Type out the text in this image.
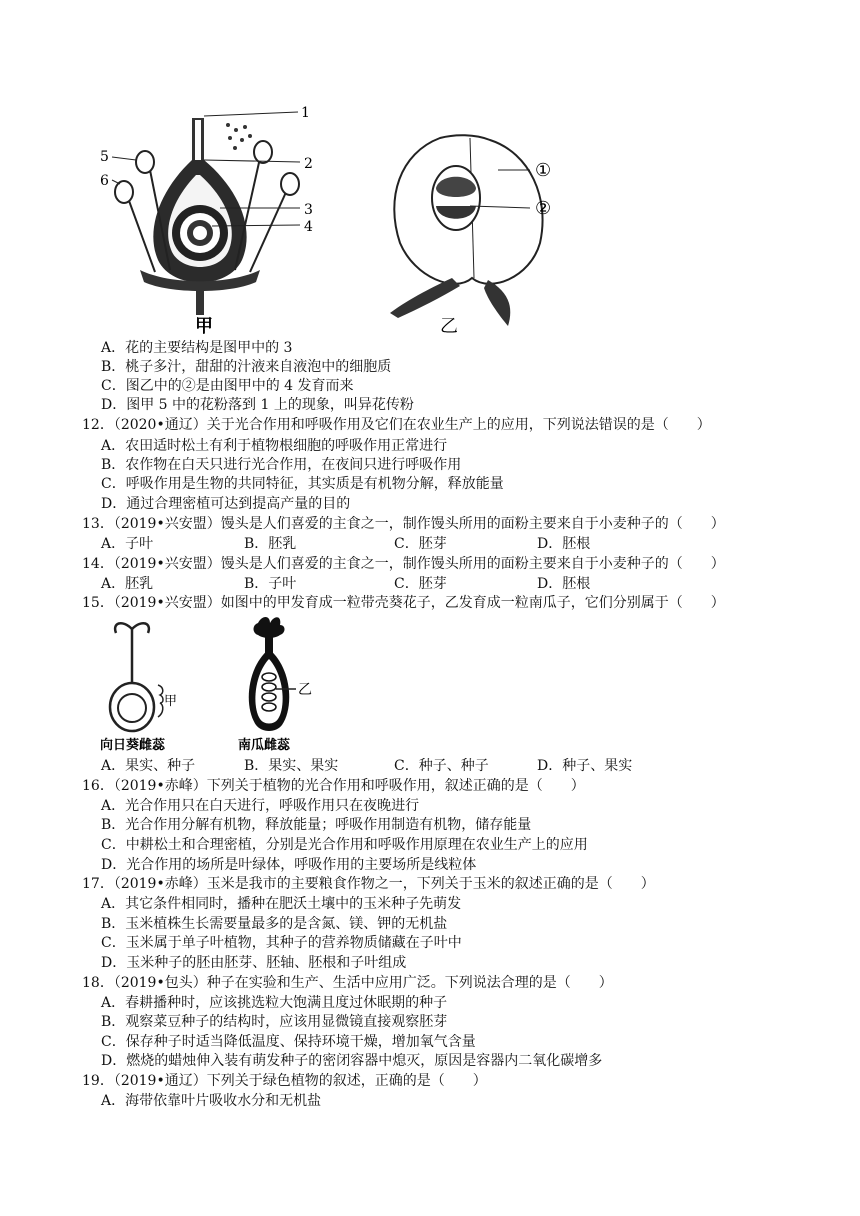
1
2
3
4
5
6
甲
①
②
乙
A．花的主要结构是图甲中的 3
B．桃子多汁，甜甜的汁液来自液泡中的细胞质
C．图乙中的②是由图甲中的 4 发育而来
D．图甲 5 中的花粉落到 1 上的现象，叫异花传粉
12．（2020•通辽）关于光合作用和呼吸作用及它们在农业生产上的应用，下列说法错误的是（　　）
A．农田适时松土有利于植物根细胞的呼吸作用正常进行
B．农作物在白天只进行光合作用，在夜间只进行呼吸作用
C．呼吸作用是生物的共同特征，其实质是有机物分解，释放能量
D．通过合理密植可达到提高产量的目的
13．（2019•兴安盟）馒头是人们喜爱的主食之一，制作馒头所用的面粉主要来自于小麦种子的（　　）
A．子叶	B．胚乳	C．胚芽	D．胚根
14．（2019•兴安盟）馒头是人们喜爱的主食之一，制作馒头所用的面粉主要来自于小麦种子的（　　）
A．胚乳	B．子叶	C．胚芽	D．胚根
15．（2019•兴安盟）如图中的甲发育成一粒带壳葵花子，乙发育成一粒南瓜子，它们分别属于（　　）
甲
向日葵雌蕊
乙
南瓜雌蕊
A．果实、种子	B．果实、果实	C．种子、种子	D．种子、果实
16．（2019•赤峰）下列关于植物的光合作用和呼吸作用，叙述正确的是（　　）
A．光合作用只在白天进行，呼吸作用只在夜晚进行
B．光合作用分解有机物，释放能量；呼吸作用制造有机物，储存能量
C．中耕松土和合理密植，分别是光合作用和呼吸作用原理在农业生产上的应用
D．光合作用的场所是叶绿体，呼吸作用的主要场所是线粒体
17．（2019•赤峰）玉米是我市的主要粮食作物之一，下列关于玉米的叙述正确的是（　　）
A．其它条件相同时，播种在肥沃土壤中的玉米种子先萌发
B．玉米植株生长需要量最多的是含氮、镁、钾的无机盐
C．玉米属于单子叶植物，其种子的营养物质储藏在子叶中
D．玉米种子的胚由胚芽、胚轴、胚根和子叶组成
18．（2019•包头）种子在实验和生产、生活中应用广泛。下列说法合理的是（　　）
A．春耕播种时，应该挑选粒大饱满且度过休眠期的种子
B．观察菜豆种子的结构时，应该用显微镜直接观察胚芽
C．保存种子时适当降低温度、保持环境干燥，增加氧气含量
D．燃烧的蜡烛伸入装有萌发种子的密闭容器中熄灭，原因是容器内二氧化碳增多
19．（2019•通辽）下列关于绿色植物的叙述，正确的是（　　）
A．海带依靠叶片吸收水分和无机盐
